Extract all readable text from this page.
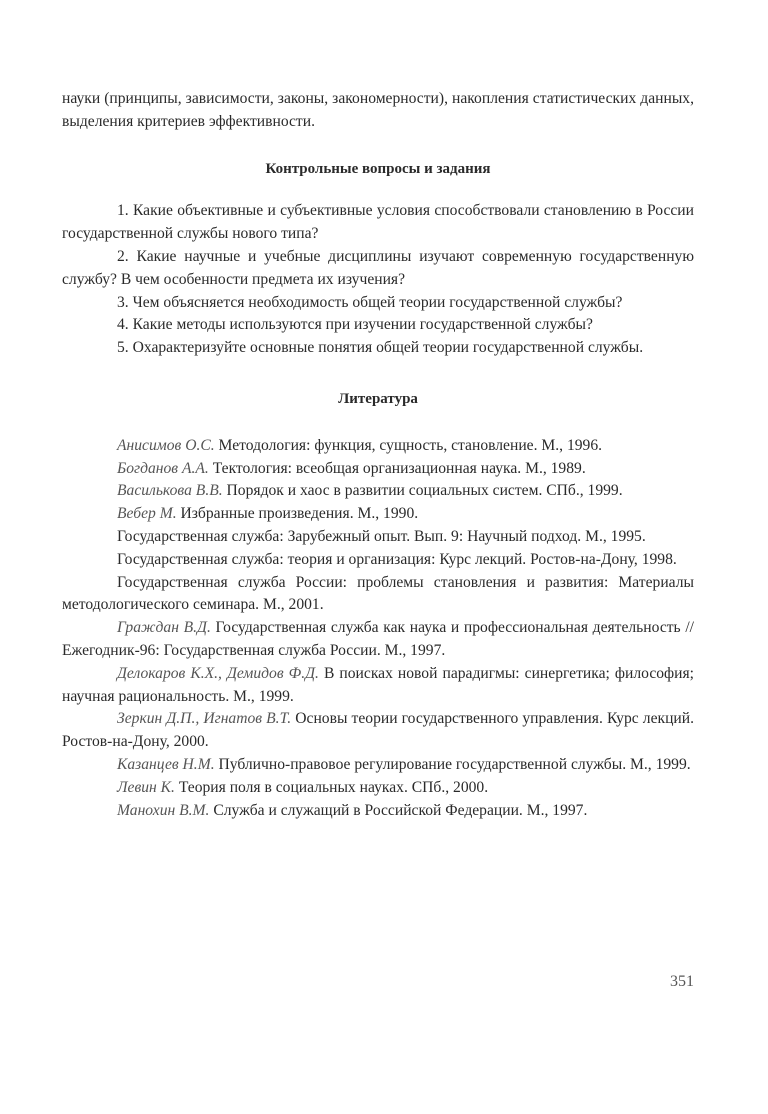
науки (принципы, зависимости, законы, закономерности), накопления статистических данных, выделения критериев эффективности.

Контрольные вопросы и задания

1. Какие объективные и субъективные условия способствовали становлению в России государственной службы нового типа?

2. Какие научные и учебные дисциплины изучают современную государственную службу? В чем особенности предмета их изучения?

3. Чем объясняется необходимость общей теории государственной службы?

4. Какие методы используются при изучении государственной службы?

5. Охарактеризуйте основные понятия общей теории государственной службы.

Литература

Анисимов О.С. Методология: функция, сущность, становление. М., 1996.

Богданов А.А. Тектология: всеобщая организационная наука. М., 1989.

Василькова В.В. Порядок и хаос в развитии социальных систем. СПб., 1999.

Вебер М. Избранные произведения. М., 1990.

Государственная служба: Зарубежный опыт. Вып. 9: Научный подход. М., 1995.

Государственная служба: теория и организация: Курс лекций. Ростов-на-Дону, 1998.

Государственная служба России: проблемы становления и развития: Материалы методологического семинара. М., 2001.

Граждан В.Д. Государственная служба как наука и профессиональная деятельность // Ежегодник-96: Государственная служба России. М., 1997.

Делокаров К.Х., Демидов Ф.Д. В поисках новой парадигмы: синергетика; философия; научная рациональность. М., 1999.

Зеркин Д.П., Игнатов В.Т. Основы теории государственного управления. Курс лекций. Ростов-на-Дону, 2000.

Казанцев Н.М. Публично-правовое регулирование государственной службы. М., 1999.

Левин К. Теория поля в социальных науках. СПб., 2000.

Манохин В.М. Служба и служащий в Российской Федерации. М., 1997.

351
